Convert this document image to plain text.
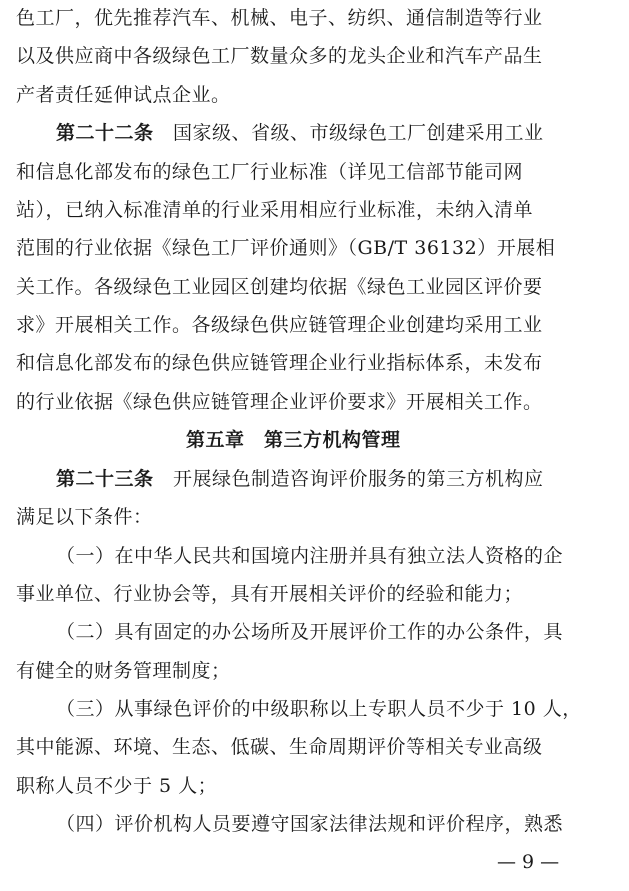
色工厂，优先推荐汽车、机械、电子、纺织、通信制造等行业
以及供应商中各级绿色工厂数量众多的龙头企业和汽车产品生
产者责任延伸试点企业。
第二十二条　 国家级、省级、市级绿色工厂创建采用工业
和信息化部发布的绿色工厂行业标准（详见工信部节能司网
站），已纳入标准清单的行业采用相应行业标准，未纳入清单
范围的行业依据《绿色工厂评价通则》（GB/T 36132）开展相
关工作。各级绿色工业园区创建均依据《绿色工业园区评价要
求》开展相关工作。各级绿色供应链管理企业创建均采用工业
和信息化部发布的绿色供应链管理企业行业指标体系，未发布
的行业依据《绿色供应链管理企业评价要求》开展相关工作。
第五章　第三方机构管理
第二十三条　 开展绿色制造咨询评价服务的第三方机构应
满足以下条件：
（一）在中华人民共和国境内注册并具有独立法人资格的企
事业单位、行业协会等，具有开展相关评价的经验和能力；
（二）具有固定的办公场所及开展评价工作的办公条件，具
有健全的财务管理制度；
（三）从事绿色评价的中级职称以上专职人员不少于 10 人，
其中能源、环境、生态、低碳、生命周期评价等相关专业高级
职称人员不少于 5 人；
（四）评价机构人员要遵守国家法律法规和评价程序，熟悉
— 9 —
